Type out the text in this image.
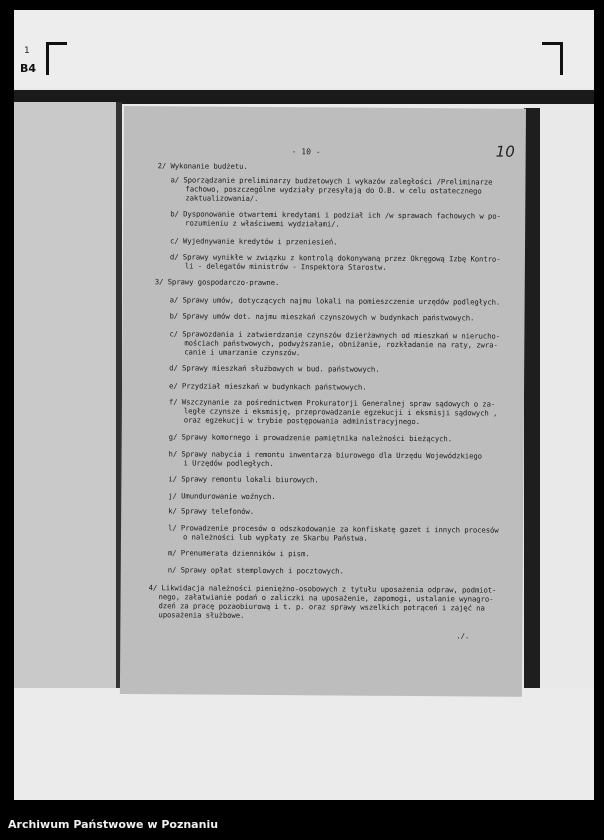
1
B4
- 10 -	10
2/ Wykonanie budżetu.
a/ Sporządzanie preliminarzy budżetowych i wykazów zaległości /Preliminarze
fachowo, poszczególne wydziały przesyłają do O.B. w celu ostatecznego
zaktualizowania/.
b/ Dysponowanie otwartemi kredytami i podział ich /w sprawach fachowych w po-
rozumieniu z właściwemi wydziałami/.
c/ Wyjednywanie kredytów i przeniesień.
d/ Sprawy wynikłe w związku z kontrolą dokonywaną przez Okręgową Izbę Kontro-
li - delegatów ministrów - Inspektora Starostw.
3/ Sprawy gospodarczo-prawne.
a/ Sprawy umów, dotyczących najmu lokali na pomieszczenie urzędów podległych.
b/ Sprawy umów dot. najmu mieszkań czynszowych w budynkach państwowych.
c/ Sprawozdania i zatwierdzanie czynszów dzierżawnych od mieszkań w nierucho-
mościach państwowych, podwyższanie, obniżanie, rozkładanie na raty, zwra-
canie i umarzanie czynszów.
d/ Sprawy mieszkań służbowych w bud. państwowych.
e/ Przydział mieszkań w budynkach państwowych.
f/ Wszczynanie za pośrednictwem Prokuratorji Generalnej spraw sądowych o za-
ległe czynsze i eksmisję, przeprowadzanie egzekucji i eksmisji sądowych ,
oraz egzekucji w trybie postępowania administracyjnego.
g/ Sprawy komornego i prowadzenie pamiętnika należności bieżących.
h/ Sprawy nabycia i remontu inwentarza biurowego dla Urzędu Wojewódzkiego
i Urzędów podległych.
i/ Sprawy remontu lokali biurowych.
j/ Umundurowanie woźnych.
k/ Sprawy telefonów.
l/ Prowadzenie procesów o odszkodowanie za konfiskatę gazet i innych procesów
o należności lub wypłaty ze Skarbu Państwa.
m/ Prenumerata dzienników i pism.
n/ Sprawy opłat stemplowych i pocztowych.
4/ Likwidacja należności pieniężno-osobowych z tytułu uposażenia odpraw, podmiot-
nego, załatwianie podań o zaliczki na uposażenie, zapomogi, ustalanie wynagro-
dzeń za pracę pozaobiurową i t. p. oraz sprawy wszelkich potrąceń i zajęć na
uposażenia służbowe.
./.
Archiwum Państwowe w Poznaniu
